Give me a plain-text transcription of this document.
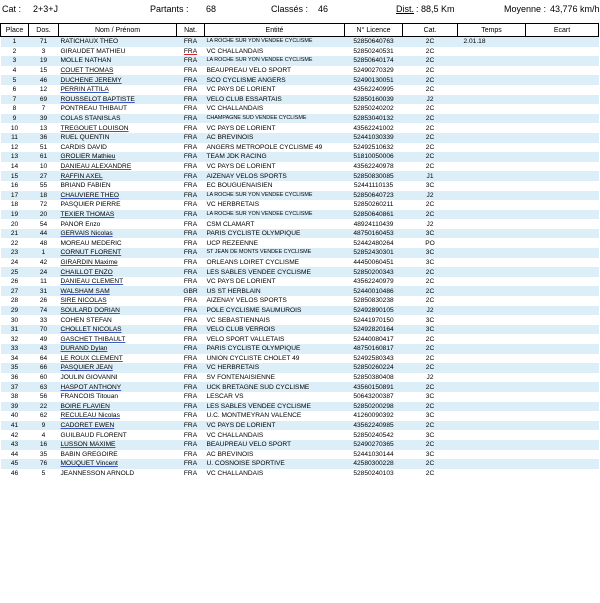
Cat : 2+3+J	Partants : 68	Classés : 46	Dist. : 88,5 Km	Moyenne : 43,776 km/h
Place	Dos.	Nom / Prénom	Nat.	Entité	N° Licence	Cat.	Temps	Ecart
1	71	RATICHAUX THEO	FRA	LA ROCHE SUR YON VENDEE CYCLISME	52850640763	2C	2.01.18	
2	3	GIRAUDET MATHIEU	FRA	VC CHALLANDAIS	52850240531	2C		
3	19	MOLLE NATHAN	FRA	LA ROCHE SUR YON VENDEE CYCLISME	52850640174	2C		
4	15	COUET THOMAS	FRA	BEAUPREAU VELO SPORT	52490270329	2C		
5	46	DUCHENE JEREMY	FRA	SCO CYCLISME ANGERS	52490130051	2C		
6	12	PERRIN ATTILA	FRA	VC PAYS DE LORIENT	43562240995	2C		
7	69	ROUSSELOT BAPTISTE	FRA	VELO CLUB ESSARTAIS	52850160039	J2		
8	7	PONTREAU THIBAUT	FRA	VC CHALLANDAIS	52850240202	2C		
9	39	COLAS STANISLAS	FRA	CHAMPAGNE SUD VENDEE CYCLISME	52853040132	2C		
10	13	TREGOUET LOUISON	FRA	VC PAYS DE LORIENT	43562241002	2C		
11	36	RUEL QUENTIN	FRA	AC BREVINOIS	52441030339	2C		
12	51	CARDIS DAVID	FRA	ANGERS METROPOLE CYCLISME 49	52492510632	2C		
13	61	GROLIER Mathieu	FRA	TEAM JDK RACING	51810050006	2C		
14	10	DANIEAU ALEXANDRE	FRA	VC PAYS DE LORIENT	43562240978	2C		
15	27	RAFFIN AXEL	FRA	AIZENAY VELOS SPORTS	52850830085	J1		
16	55	BRIAND FABIEN	FRA	EC BOUGUENAISIEN	52441110135	3C		
17	18	CHAUVIERE THEO	FRA	LA ROCHE SUR YON VENDEE CYCLISME	52850640723	J2		
18	72	PASQUIER PIERRE	FRA	VC HERBRETAIS	52850260211	2C		
19	20	TEXIER THOMAS	FRA	LA ROCHE SUR YON VENDEE CYCLISME	52850640861	2C		
20	54	PANOR Enzo	FRA	CSM CLAMART	48924110439	J2		
21	44	GERVAIS Nicolas	FRA	PARIS CYCLISTE OLYMPIQUE	48750160453	3C		
22	48	MOREAU MEDERIC	FRA	UCP REZEENNE	52442480264	PO		
23	1	CORNUT FLORENT	FRA	ST JEAN DE MONTS VENDEE CYCLISME	52852430301	3C		
24	42	GIRARDIN Maxime	FRA	ORLEANS LOIRET CYCLISME	44450060451	3C		
25	24	CHAILLOT ENZO	FRA	LES SABLES VENDEE CYCLISME	52850200343	2C		
26	11	DANIEAU CLEMENT	FRA	VC PAYS DE LORIENT	43562240979	2C		
27	31	WALSHAM SAM	GBR	US ST HERBLAIN	52440010486	2C		
28	26	SIRE NICOLAS	FRA	AIZENAY VELOS SPORTS	52850830238	2C		
29	74	SOULARD DORIAN	FRA	POLE CYCLISME SAUMUROIS	52492890105	J2		
30	33	COHEN STEFAN	FRA	VC SEBASTIENNAIS	52441970150	3C		
31	70	CHOLLET NICOLAS	FRA	VELO CLUB VERROIS	52492820164	3C		
32	49	GASCHET THIBAULT	FRA	VELO SPORT VALLETAIS	52440080417	2C		
33	43	DURAND Dylan	FRA	PARIS CYCLISTE OLYMPIQUE	48750160817	2C		
34	64	LE ROUX CLEMENT	FRA	UNION CYCLISTE CHOLET 49	52492580343	2C		
35	66	PASQUIER JEAN	FRA	VC HERBRETAIS	52850260224	2C		
36	60	JOULIN GIOVANNI	FRA	SV FONTENAISIENNE	52850380408	J2		
37	63	HASPOT ANTHONY	FRA	UCK BRETAGNE SUD CYCLISME	43560150891	2C		
38	56	FRANCOIS Titouan	FRA	LESCAR VS	50643200387	3C		
39	22	BOIRE FLAVIEN	FRA	LES SABLES VENDEE CYCLISME	52850200298	2C		
40	62	RECULEAU Nicolas	FRA	U.C. MONTMEYRAN VALENCE	41260090392	3C		
41	9	CADORET EWEN	FRA	VC PAYS DE LORIENT	43562240985	2C		
42	4	GUILBAUD FLORENT	FRA	VC CHALLANDAIS	52850240542	3C		
43	16	LUSSON MAXIME	FRA	BEAUPREAU VELO SPORT	52490270365	2C		
44	35	BABIN GREGOIRE	FRA	AC BREVINOIS	52441030144	3C		
45	76	MOUQUET Vincent	FRA	U. COSNOISE SPORTIVE	42580300228	2C		
46	5	JEANNESSON ARNOLD	FRA	VC CHALLANDAIS	52850240103	2C		
